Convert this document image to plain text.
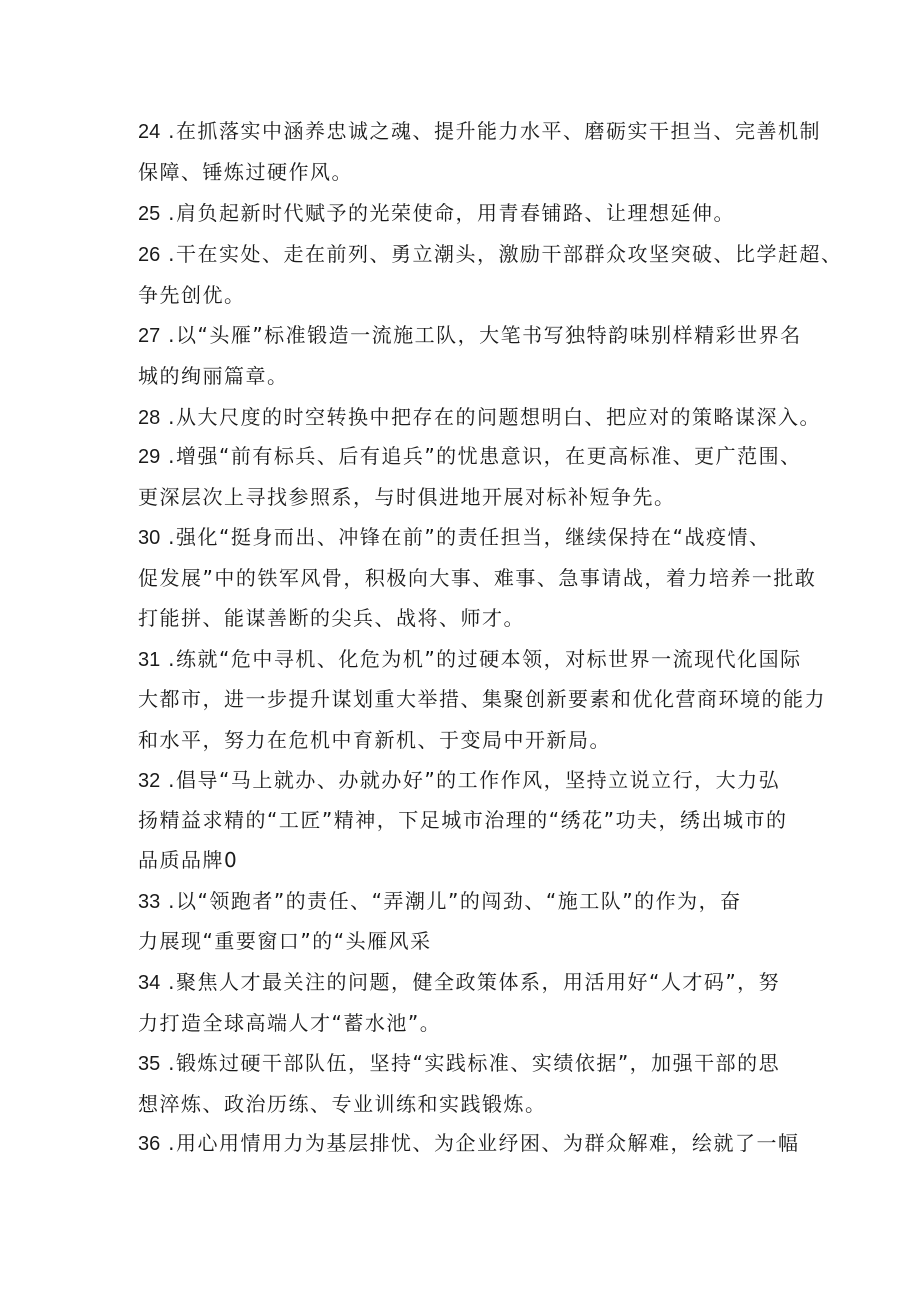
24 .在抓落实中涵养忠诚之魂、提升能力水平、磨砺实干担当、完善机制
保障、锤炼过硬作风。
25 .肩负起新时代赋予的光荣使命，用青春铺路、让理想延伸。
26 .干在实处、走在前列、勇立潮头，激励干部群众攻坚突破、比学赶超、
争先创优。
27 .以“头雁”标准锻造一流施工队，大笔书写独特韵味别样精彩世界名
城的绚丽篇章。
28 .从大尺度的时空转换中把存在的问题想明白、把应对的策略谋深入。
29 .增强“前有标兵、后有追兵”的忧患意识，在更高标准、更广范围、
更深层次上寻找参照系，与时俱进地开展对标补短争先。
30 .强化“挺身而出、冲锋在前”的责任担当，继续保持在“战疫情、
促发展”中的铁军风骨，积极向大事、难事、急事请战，着力培养一批敢
打能拼、能谋善断的尖兵、战将、师才。
31 .练就“危中寻机、化危为机”的过硬本领，对标世界一流现代化国际
大都市，进一步提升谋划重大举措、集聚创新要素和优化营商环境的能力
和水平，努力在危机中育新机、于变局中开新局。
32 .倡导“马上就办、办就办好”的工作作风，坚持立说立行，大力弘
扬精益求精的“工匠”精神，下足城市治理的“绣花”功夫，绣出城市的
品质品牌0
33 .以“领跑者”的责任、“弄潮儿”的闯劲、“施工队”的作为，奋
力展现“重要窗口”的“头雁风采
34 .聚焦人才最关注的问题，健全政策体系，用活用好“人才码”，努
力打造全球高端人才“蓄水池”。
35 .锻炼过硬干部队伍，坚持“实践标准、实绩依据”，加强干部的思
想淬炼、政治历练、专业训练和实践锻炼。
36 .用心用情用力为基层排忧、为企业纾困、为群众解难，绘就了一幅
